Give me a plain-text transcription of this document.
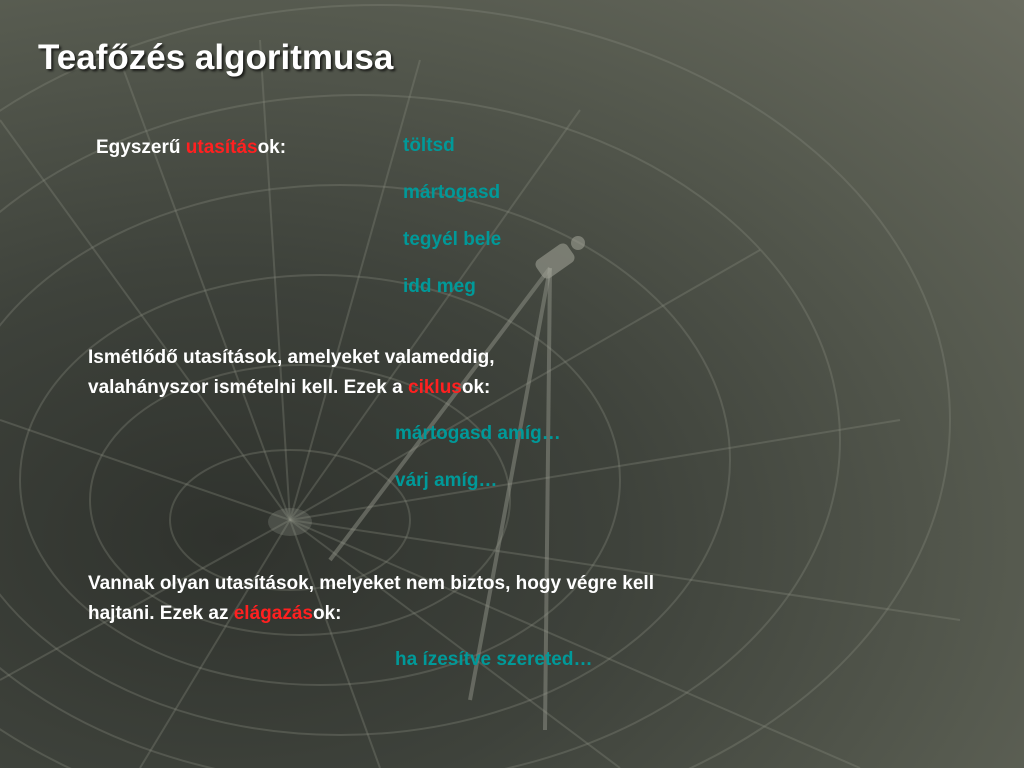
Teafőzés algoritmusa
Egyszerű utasítások:	töltsd
mártogasd
tegyél bele
idd meg
Ismétlődő utasítások, amelyeket valameddig,
valahányszor ismételni kell. Ezek a ciklusok:
mártogasd amíg…
várj amíg…
Vannak olyan utasítások, melyeket nem biztos, hogy végre kell
hajtani. Ezek az elágazások:
ha ízesítve szereted…
